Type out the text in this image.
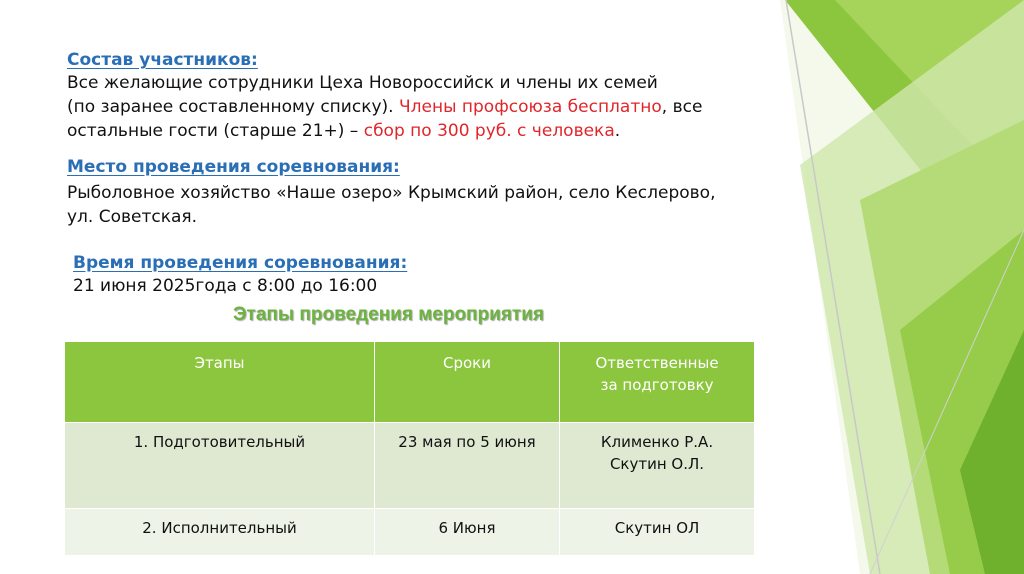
Состав участников:
Все желающие сотрудники Цеха Новороссийск и члены их семей
(по заранее составленному списку). Члены профсоюза бесплатно, все
остальные гости (старше 21+) – сбор по 300 руб. с человека.
Место проведения соревнования:
Рыболовное хозяйство «Наше озеро» Крымский район, село Кеслерово,
ул. Советская.
Время проведения соревнования:
21 июня 2025года с 8:00 до 16:00
Этапы проведения мероприятия
Этапы	Сроки	Ответственные
за подготовку

1. Подготовительный	23 мая по 5 июня	Клименко Р.А.
Скутин О.Л.

2. Исполнительный	6 Июня	Скутин ОЛ
